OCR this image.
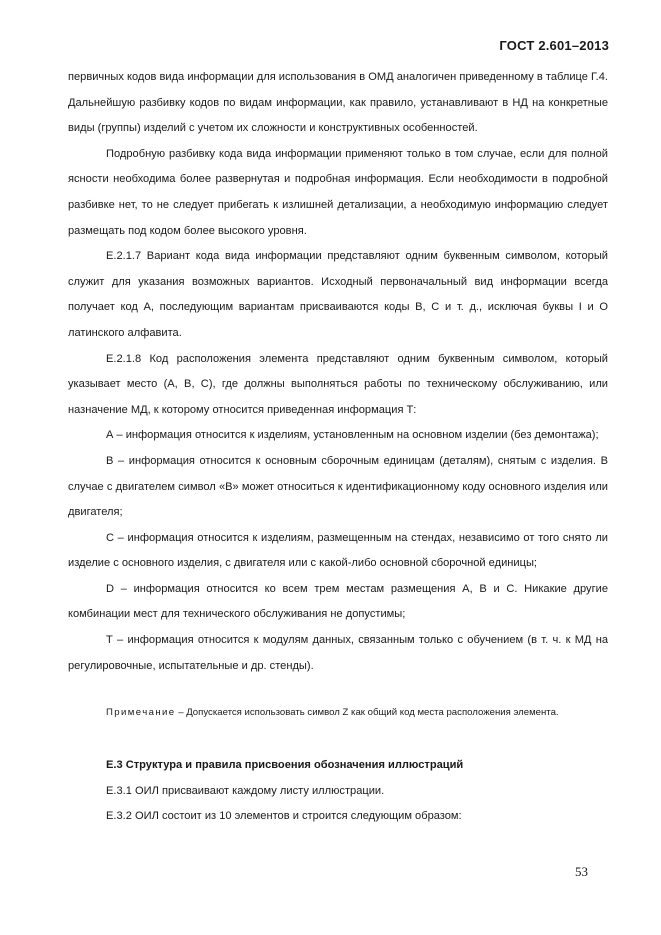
ГОСТ 2.601–2013

первичных кодов вида информации для использования в ОМД аналогичен приведенному в таблице Г.4. Дальнейшую разбивку кодов по видам информации, как правило, устанавливают в НД на конкретные виды (группы) изделий с учетом их сложности и конструктивных особенностей.

Подробную разбивку кода вида информации применяют только в том случае, если для полной ясности необходима более развернутая и подробная информация. Если необходимости в подробной разбивке нет, то не следует прибегать к излишней детализации, а необходимую информацию следует размещать под кодом более высокого уровня.

Е.2.1.7 Вариант кода вида информации представляют одним буквенным символом, который служит для указания возможных вариантов. Исходный первоначальный вид информации всегда получает код А, последующим вариантам присваиваются коды В, С и т. д., исключая буквы I и O латинского алфавита.

Е.2.1.8 Код расположения элемента представляют одним буквенным символом, который указывает место (А, В, С), где должны выполняться работы по техническому обслуживанию, или назначение МД, к которому относится приведенная информация Т:

А – информация относится к изделиям, установленным на основном изделии (без демонтажа);

В – информация относится к основным сборочным единицам (деталям), снятым с изделия. В случае с двигателем символ «В» может относиться к идентификационному коду основного изделия или двигателя;

С – информация относится к изделиям, размещенным на стендах, независимо от того снято ли изделие с основного изделия, с двигателя или с какой-либо основной сборочной единицы;

D – информация относится ко всем трем местам размещения А, В и С. Никакие другие комбинации мест для технического обслуживания не допустимы;

Т – информация относится к модулям данных, связанным только с обучением (в т. ч. к МД на регулировочные, испытательные и др. стенды).

Примечание – Допускается использовать символ Z как общий код места расположения элемента.

Е.3 Структура и правила присвоения обозначения иллюстраций

Е.3.1 ОИЛ присваивают каждому листу иллюстрации.

Е.3.2 ОИЛ состоит из 10 элементов и строится следующим образом:

53
